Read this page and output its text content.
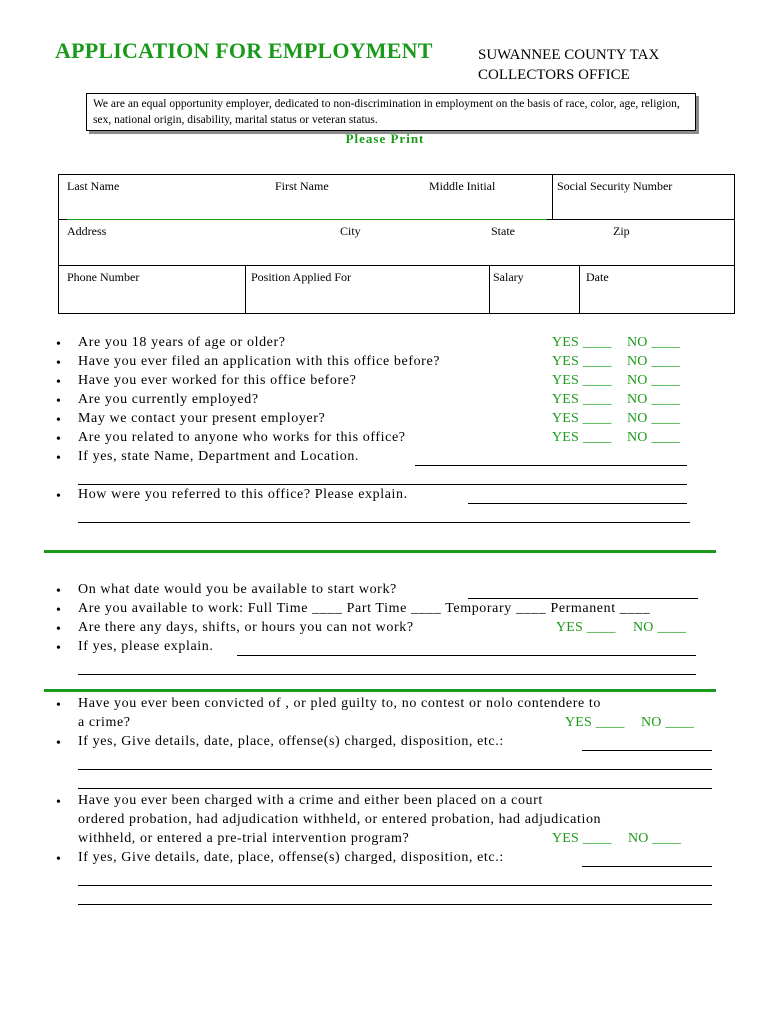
APPLICATION FOR EMPLOYMENT	SUWANNEE COUNTY TAX
COLLECTORS OFFICE
We are an equal opportunity employer, dedicated to non-discrimination in employment on the basis of race, color, age, religion, sex, national origin, disability, marital status or veteran status.
Please Print
Last Name	First Name	Middle Initial	Social Security Number
Address	City	State	Zip
Phone Number	Position Applied For	Salary	Date
• Are you 18 years of age or older?	YES ____ NO ____
• Have you ever filed an application with this office before?	YES ____ NO ____
• Have you ever worked for this office before?	YES ____ NO ____
• Are you currently employed?	YES ____ NO ____
• May we contact your present employer?	YES ____ NO ____
• Are you related to anyone who works for this office?	YES ____ NO ____
• If yes, state Name, Department and Location.
• How were you referred to this office? Please explain.
• On what date would you be available to start work?
• Are you available to work: Full Time ____ Part Time ____ Temporary ____ Permanent ____
• Are there any days, shifts, or hours you can not work?	YES ____ NO ____
• If yes, please explain.
• Have you ever been convicted of , or pled guilty to, no contest or nolo contendere to
a crime?	YES ____ NO ____
• If yes, Give details, date, place, offense(s) charged, disposition, etc.:
• Have you ever been charged with a crime and either been placed on a court
ordered probation, had adjudication withheld, or entered probation, had adjudication
withheld, or entered a pre-trial intervention program?	YES ____ NO ____
• If yes, Give details, date, place, offense(s) charged, disposition, etc.:
